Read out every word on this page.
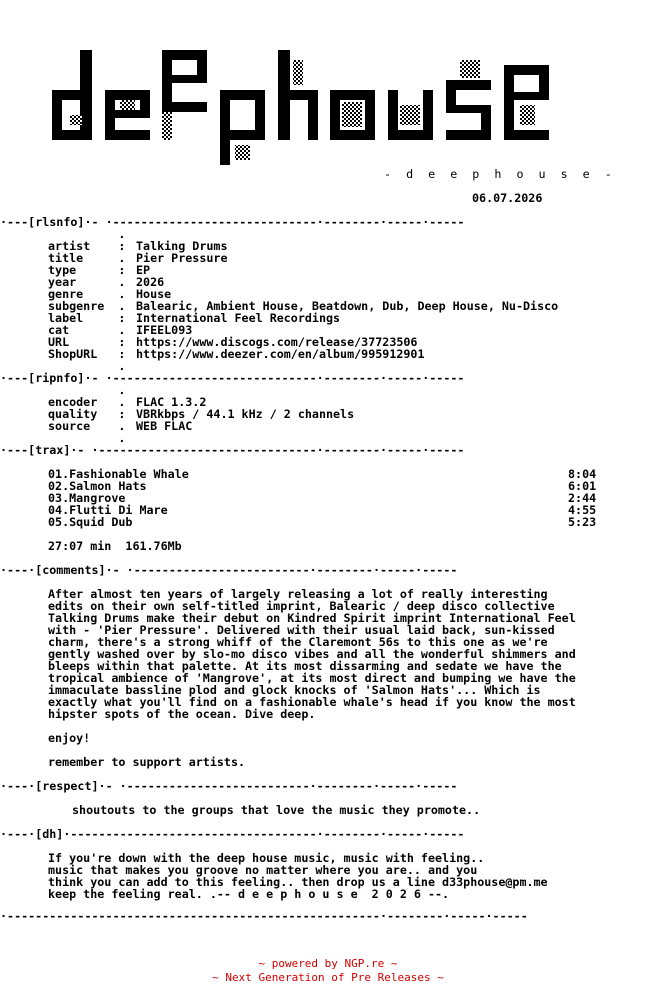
- d e e p h o u s e -
06.07.2026
·---[rlsnfo]·- ·-----------------------------·--------·-----·-----
.
artist    : Talking Drums
title     . Pier Pressure
type      : EP
year      . 2026
genre     . House
subgenre  . Balearic, Ambient House, Beatdown, Dub, Deep House, Nu-Disco
label     : International Feel Recordings
cat       . IFEEL093
URL       : https://www.discogs.com/release/37723506
ShopURL   : https://www.deezer.com/en/album/995912901
.
·---[ripnfo]·- ·-----------------------------·--------·-----·-----
.
encoder   . FLAC 1.3.2
quality   : VBRkbps / 44.1 kHz / 2 channels
source    . WEB FLAC
.
·---[trax]·- ·-------------------------------·--------·-----·-----
01.Fashionable Whale	8:04
02.Salmon Hats	6:01
03.Mangrove	2:44
04.Flutti Di Mare	4:55
05.Squid Dub	5:23
27:07 min  161.76Mb
·---·[comments]·- ·-------------------------·--------·-----·-----
After almost ten years of largely releasing a lot of really interesting
edits on their own self-titled imprint, Balearic / deep disco collective
Talking Drums make their debut on Kindred Spirit imprint International Feel
with - 'Pier Pressure'. Delivered with their usual laid back, sun-kissed
charm, there's a strong whiff of the Claremont 56s to this one as we're
gently washed over by slo-mo disco vibes and all the wonderful shimmers and
bleeps within that palette. At its most dissarming and sedate we have the
tropical ambience of 'Mangrove', at its most direct and bumping we have the
immaculate bassline plod and glock knocks of 'Salmon Hats'... Which is
exactly what you'll find on a fashionable whale's head if you know the most
hipster spots of the ocean. Dive deep.
enjoy!
remember to support artists.
·---·[respect]·- ·--------------------------·--------·-----·-----
shoutouts to the groups that love the music they promote..
·---·[dh]·-----------------------------------·--------·-----·-----
If you're down with the deep house music, music with feeling..
music that makes you groove no matter where you are.. and you
think you can add to this feeling.. then drop us a line d33phouse@pm.me
keep the feeling real. .-- d e e p h o u s e  2 0 2 6 --.
·-----------------------------------------------------·--------·-----·-----
~ powered by NGP.re ~
~ Next Generation of Pre Releases ~
